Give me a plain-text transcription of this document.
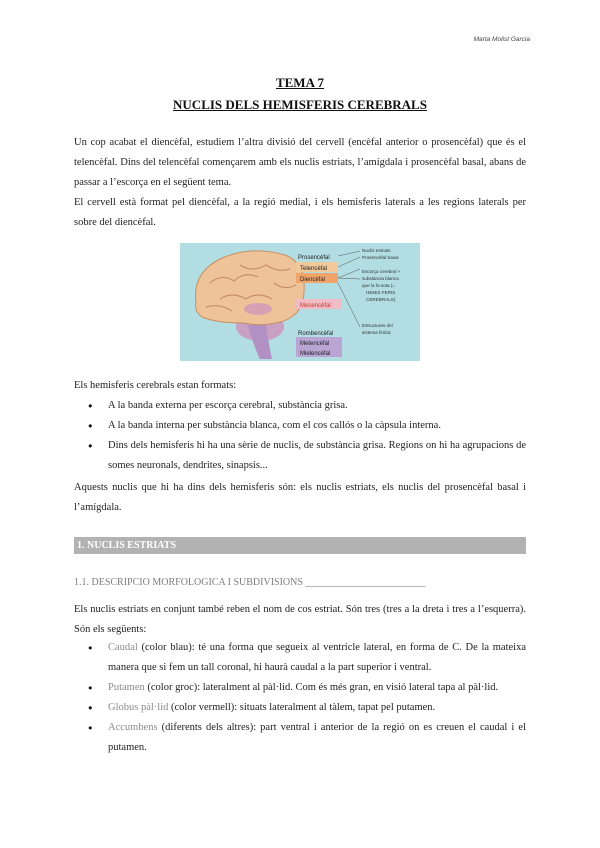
Marta Molist Garcia
TEMA 7
NUCLIS DELS HEMISFERIS CEREBRALS

Un cop acabat el diencèfal, estudiem l’altra divisió del cervell (encèfal anterior o prosencèfal) que és el telencèfal. Dins del telencèfal començarem amb els nuclis estriats, l’amígdala i prosencèfal basal, abans de passar a l’escorça en el següent tema.

El cervell està format pel diencèfal, a la regió medial, i els hemisferis laterals a les regions laterals per sobre del diencèfal.

Prosencèfal
Telencèfal
Diencèfal
Mesencèfal
Rombencèfal
Metencèfal
Mielencèfal
Nuclis estriats
Prosencèfal basal
Escorça cerebral +
substància blanca
que la fa sota (=
HEMIS FERIS
CEREBRALS)
Estructures del
sistema límbic

Els hemisferis cerebrals estan formats:

● A la banda externa per escorça cerebral, substància grisa.
● A la banda interna per substància blanca, com el cos callós o la càpsula interna.
● Dins dels hemisferis hi ha una sèrie de nuclis, de substància grisa. Regions on hi ha agrupacions de somes neuronals, dendrites, sinapsis...

Aquests nuclis que hi ha dins dels hemisferis són: els nuclis estriats, els nuclis del prosencèfal basal i l’amígdala.

1. NUCLIS ESTRIATS
1.1. DESCRIPCIÓ MORFOLÒGICA I SUBDIVISIONS ________________________

Els nuclis estriats en conjunt també reben el nom de cos estriat. Són tres (tres a la dreta i tres a l’esquerra). Són els següents:

● Caudal (color blau): té una forma que segueix al ventricle lateral, en forma de C. De la mateixa manera que si fem un tall coronal, hi haurà caudal a la part superior i ventral.
● Putamen (color groc): lateralment al pàl·lid. Com és més gran, en visió lateral tapa al pàl·lid.
● Globus pàl·lid (color vermell): situats lateralment al tàlem, tapat pel putamen.
● Accumbens (diferents dels altres): part ventral i anterior de la regió on es creuen el caudal i el putamen.
